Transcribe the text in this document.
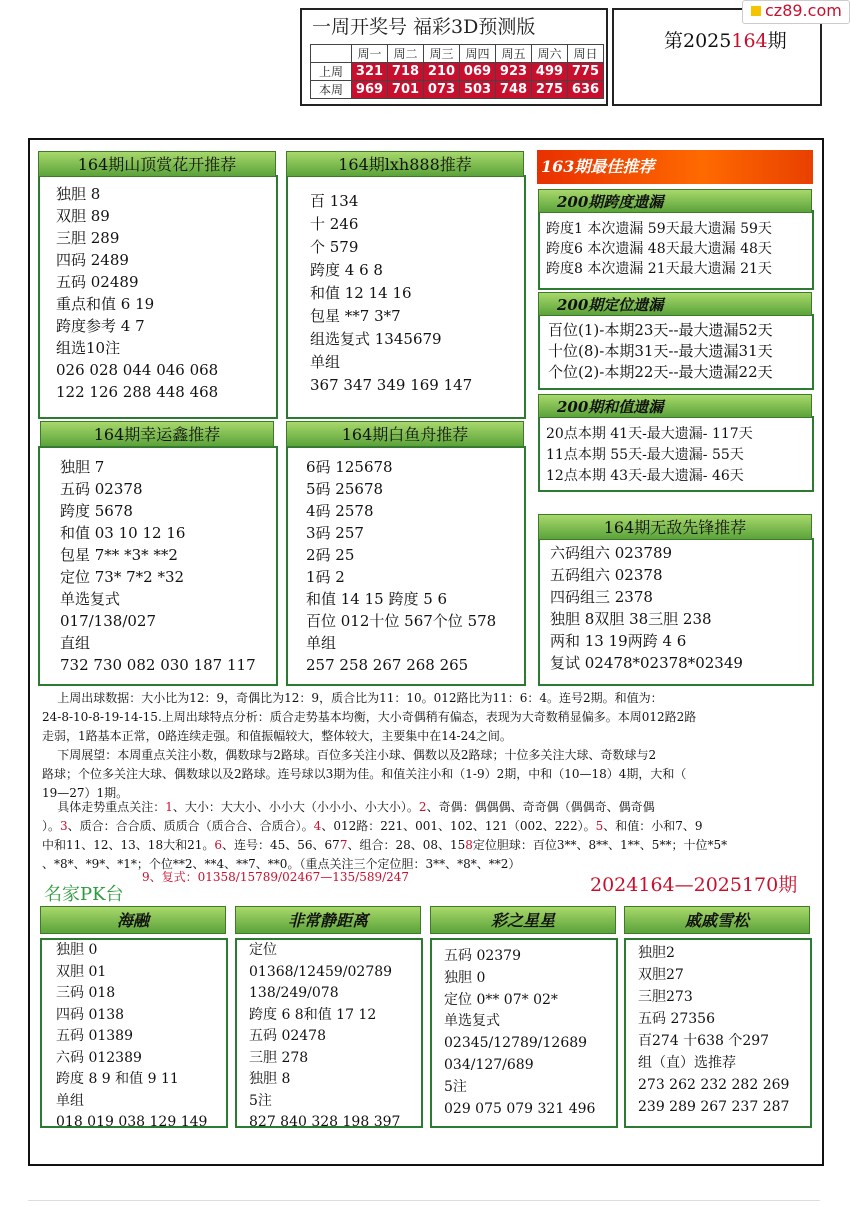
一周开奖号 福彩3D预测版
	周一	周二	周三	周四	周五	周六	周日
上周	321	718	210	069	923	499	775
本周	969	701	073	503	748	275	636
第2025164期
cz89.com
164期山顶赏花开推荐
独胆 8
双胆 89
三胆 289
四码 2489
五码 02489
重点和值 6 19
跨度参考 4 7
组选10注
026 028 044 046 068
122 126 288 448 468
164期lxh888推荐
百 134
十 246
个 579
跨度 4 6 8
和值 12 14 16
包星 **7 3*7
组选复式 1345679
单组
367 347 349 169 147
164期幸运鑫推荐
独胆 7
五码 02378
跨度 5678
和值 03 10 12 16
包星 7** *3* **2
定位 73* 7*2 *32
单选复式
017/138/027
直组
732 730 082 030 187 117
164期白鱼舟推荐
6码 125678
5码 25678
4码 2578
3码 257
2码 25
1码 2
和值 14 15 跨度 5 6
百位 012十位 567个位 578
单组
257 258 267 268 265
163期最佳推荐
200期跨度遗漏
跨度1 本次遗漏 59天最大遗漏 59天
跨度6 本次遗漏 48天最大遗漏 48天
跨度8 本次遗漏 21天最大遗漏 21天
200期定位遗漏
百位(1)-本期23天--最大遗漏52天
十位(8)-本期31天--最大遗漏31天
个位(2)-本期22天--最大遗漏22天
200期和值遗漏
20点本期 41天-最大遗漏- 117天
11点本期 55天-最大遗漏- 55天
12点本期 43天-最大遗漏- 46天
164期无敌先锋推荐
六码组六 023789
五码组六 02378
四码组三 2378
独胆 8双胆 38三胆 238
两和 13 19两跨 4 6
复试 02478*02378*02349
上周出球数据：大小比为12：9，奇偶比为12：9，质合比为11：10。012路比为11：6：4。连号2期。和值为：
24-8-10-8-19-14-15.上周出球特点分析：质合走势基本均衡，大小奇偶稍有偏态，表现为大奇数稍显偏多。本周012路2路
走弱，1路基本正常，0路连续走强。和值振幅较大，整体较大，主要集中在14-24之间。
下周展望：本周重点关注小数，偶数球与2路球。百位多关注小球、偶数以及2路球；十位多关注大球、奇数球与2
路球；个位多关注大球、偶数球以及2路球。连号球以3期为佳。和值关注小和（1-9）2期，中和（10—18）4期，大和（
19—27）1期。
具体走势重点关注：1、大小：大大小、小小大（小小小、小大小）。2、奇偶：偶偶偶、奇奇偶（偶偶奇、偶奇偶
）。3、质合：合合质、质质合（质合合、合质合）。4、012路：221、001、102、121（002、222）。5、和值：小和7、9
中和11、12、13、18大和21。6、连号：45、56、677、组合：28、08、158定位胆球：百位3**、8**、1**、5**；十位*5*
、*8*、*9*、*1*；个位**2、**4、**7、**0。（重点关注三个定位胆：3**、*8*、**2）
9、复式：01358/15789/02467—135/589/247
名家PK台	2024164—2025170期
海融
独胆 0
双胆 01
三码 018
四码 0138
五码 01389
六码 012389
跨度 8 9 和值 9 11
单组
018 019 038 129 149
非常静距离
定位
01368/12459/02789
138/249/078
跨度 6 8和值 17 12
五码 02478
三胆 278
独胆 8
5注
827 840 328 198 397
彩之星星
五码 02379
独胆 0
定位 0** 07* 02*
单选复式
02345/12789/12689
034/127/689
5注
029 075 079 321 496
戚戚雪松
独胆2
双胆27
三胆273
五码 27356
百274 十638 个297
组（直）选推荐
273 262 232 282 269
239 289 267 237 287
